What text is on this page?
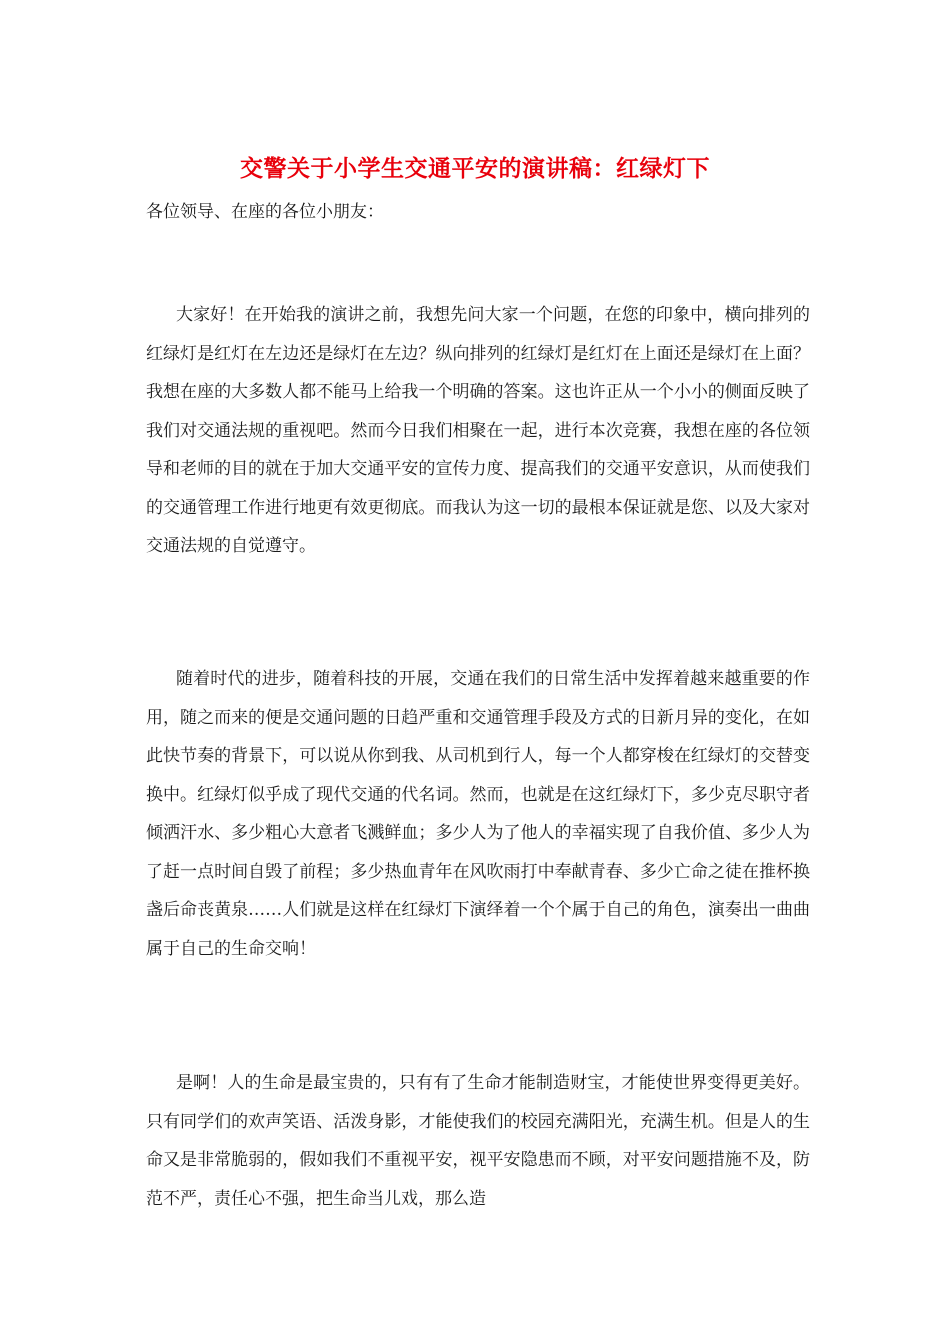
交警关于小学生交通平安的演讲稿：红绿灯下
各位领导、在座的各位小朋友：

大家好！在开始我的演讲之前，我想先问大家一个问题，在您的印象中，横向排列的红绿灯是红灯在左边还是绿灯在左边？纵向排列的红绿灯是红灯在上面还是绿灯在上面？我想在座的大多数人都不能马上给我一个明确的答案。这也许正从一个小小的侧面反映了我们对交通法规的重视吧。然而今日我们相聚在一起，进行本次竞赛，我想在座的各位领导和老师的目的就在于加大交通平安的宣传力度、提高我们的交通平安意识，从而使我们的交通管理工作进行地更有效更彻底。而我认为这一切的最根本保证就是您、以及大家对交通法规的自觉遵守。

随着时代的进步，随着科技的开展，交通在我们的日常生活中发挥着越来越重要的作用，随之而来的便是交通问题的日趋严重和交通管理手段及方式的日新月异的变化，在如此快节奏的背景下，可以说从你到我、从司机到行人，每一个人都穿梭在红绿灯的交替变换中。红绿灯似乎成了现代交通的代名词。然而，也就是在这红绿灯下，多少克尽职守者倾洒汗水、多少粗心大意者飞溅鲜血；多少人为了他人的幸福实现了自我价值、多少人为了赶一点时间自毁了前程；多少热血青年在风吹雨打中奉献青春、多少亡命之徒在推杯换盏后命丧黄泉……人们就是这样在红绿灯下演绎着一个个属于自己的角色，演奏出一曲曲属于自己的生命交响！

是啊！人的生命是最宝贵的，只有有了生命才能制造财宝，才能使世界变得更美好。只有同学们的欢声笑语、活泼身影，才能使我们的校园充满阳光，充满生机。但是人的生命又是非常脆弱的，假如我们不重视平安，视平安隐患而不顾，对平安问题措施不及，防范不严，责任心不强，把生命当儿戏，那么造
